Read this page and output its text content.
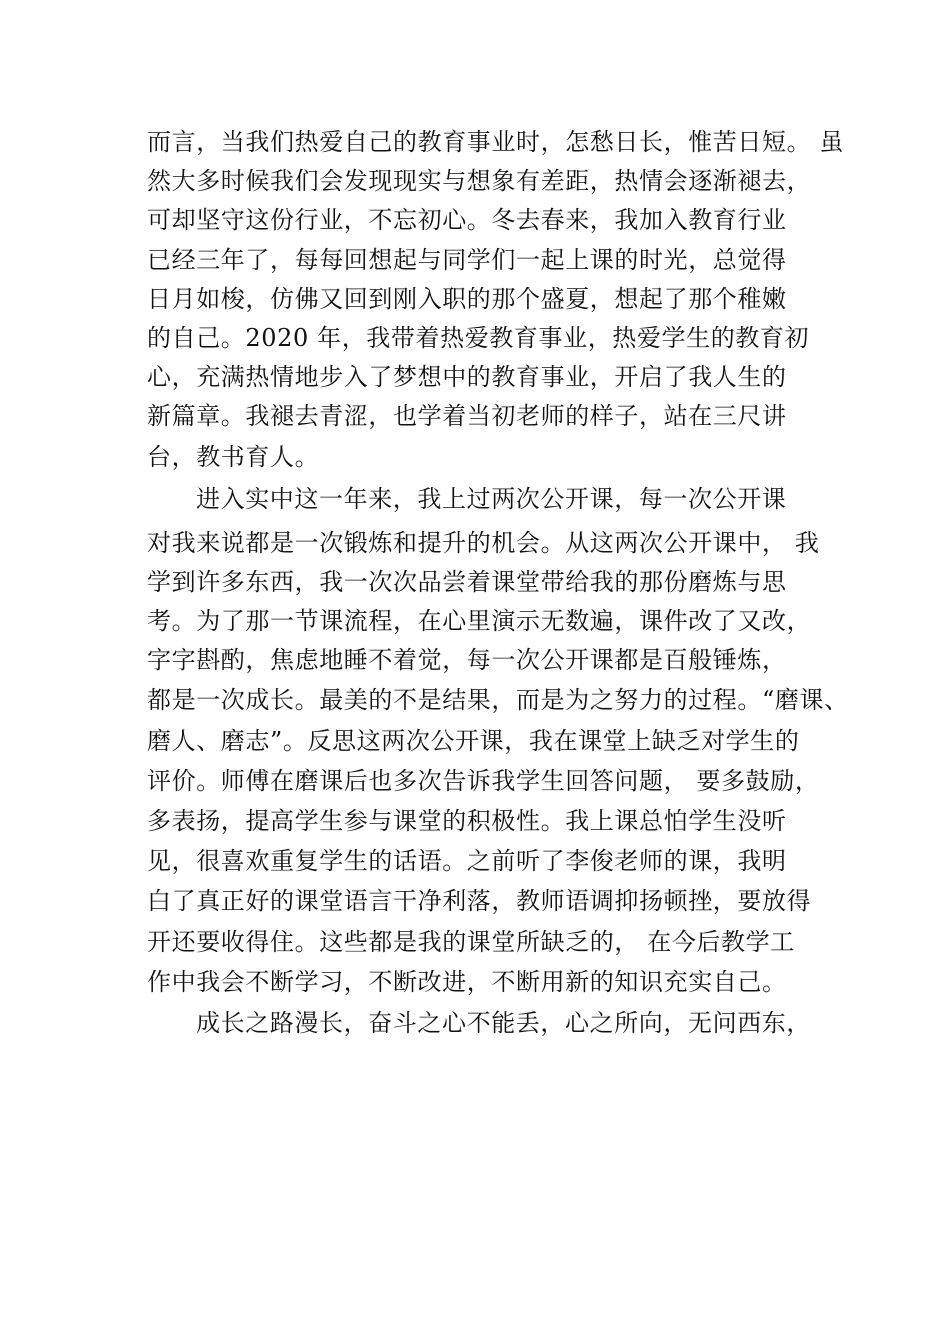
而言，当我们热爱自己的教育事业时，怎愁日长，惟苦日短。 虽
然大多时候我们会发现现实与想象有差距，热情会逐渐褪去，
可却坚守这份行业，不忘初心。冬去春来，我加入教育行业
已经三年了，每每回想起与同学们一起上课的时光，总觉得
日月如梭，仿佛又回到刚入职的那个盛夏，想起了那个稚嫩
的自己。2020 年，我带着热爱教育事业，热爱学生的教育初
心，充满热情地步入了梦想中的教育事业，开启了我人生的
新篇章。我褪去青涩，也学着当初老师的样子，站在三尺讲
台，教书育人。
进入实中这一年来，我上过两次公开课，每一次公开课
对我来说都是一次锻炼和提升的机会。从这两次公开课中， 我
学到许多东西，我一次次品尝着课堂带给我的那份磨炼与思
考。为了那一节课流程，在心里演示无数遍，课件改了又改，
字字斟酌，焦虑地睡不着觉，每一次公开课都是百般锤炼，
都是一次成长。最美的不是结果，而是为之努力的过程。“磨课、
磨人、磨志”。反思这两次公开课，我在课堂上缺乏对学生的
评价。师傅在磨课后也多次告诉我学生回答问题， 要多鼓励，
多表扬，提高学生参与课堂的积极性。我上课总怕学生没听
见，很喜欢重复学生的话语。之前听了李俊老师的课，我明
白了真正好的课堂语言干净利落，教师语调抑扬顿挫，要放得
开还要收得住。这些都是我的课堂所缺乏的， 在今后教学工
作中我会不断学习，不断改进，不断用新的知识充实自己。
成长之路漫长，奋斗之心不能丢，心之所向，无问西东，
